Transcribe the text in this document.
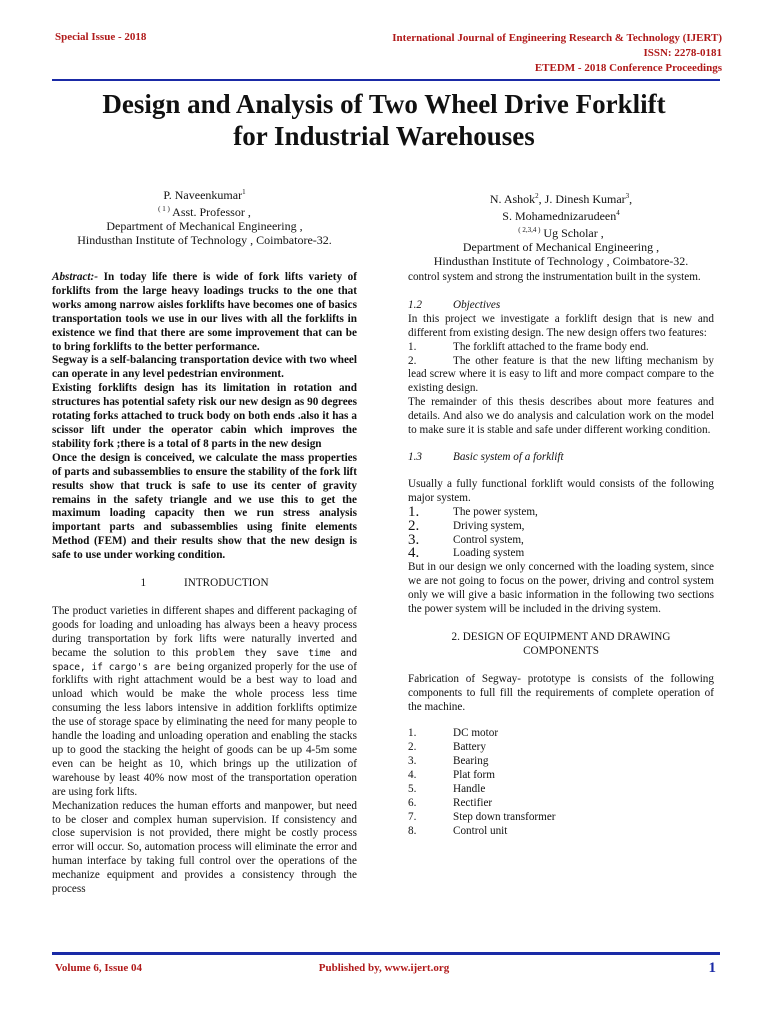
Special Issue - 2018	International Journal of Engineering Research & Technology (IJERT)
ISSN: 2278-0181
ETEDM - 2018 Conference Proceedings
Design and Analysis of Two Wheel Drive Forklift
for Industrial Warehouses
P. Naveenkumar$^1$
$^{( 1 )}$ Asst. Professor ,
Department of Mechanical Engineering ,
Hindusthan Institute of Technology , Coimbatore-32.
N. Ashok$^2$, J. Dinesh Kumar$^3$,
S. Mohamednizarudeen$^4$
$^{( 2,3,4 )}$ Ug Scholar ,
Department of Mechanical Engineering ,
Hindusthan Institute of Technology , Coimbatore-32.

Abstract:- In today life there is wide of fork lifts variety of forklifts from the large heavy loadings trucks to the one that works among narrow aisles forklifts have becomes one of basics transportation tools we use in our lives with all the forklifts in existence we find that there are some improvement that can be to bring forklifts to the better performance.

Segway is a self-balancing transportation device with two wheel can operate in any level pedestrian environment.

Existing forklifts design has its limitation in rotation and structures has potential safety risk our new design as 90 degrees rotating forks attached to truck body on both ends .also it has a scissor lift under the operator cabin which improves the stability fork ;there is a total of 8 parts in the new design

Once the design is conceived, we calculate the mass properties of parts and subassemblies to ensure the stability of the fork lift results show that truck is safe to use its center of gravity remains in the safety triangle and we use this to get the maximum loading capacity then we run stress analysis important parts and subassemblies using finite elements Method (FEM) and their results show that the new design is safe to use under working condition.

1	INTRODUCTION

The product varieties in different shapes and different packaging of goods for loading and unloading has always been a heavy process during transportation by fork lifts were naturally inverted and became the solution to this problem they save time and space, if cargo's are being organized properly for the use of forklifts with right attachment would be a best way to load and unload which would be make the whole process less time consuming the less labors intensive in addition forklifts optimize the use of storage space by eliminating the need for many people to handle the loading and unloading operation and enabling the stacks up to good the stacking the height of goods can be up 4-5m some even can be height as 10, which brings up the utilization of warehouse by least 40% now most of the transportation operation are using fork lifts.

Mechanization reduces the human efforts and manpower, but need to be closer and complex human supervision. If consistency and close supervision is not provided, there might be costly process error will occur. So, automation process will eliminate the error and human interface by taking full control over the operations of the mechanize equipment and provides a consistency through the process

control system and strong the instrumentation built in the system.

1.2	Objectives

In this project we investigate a forklift design that is new and different from existing design. The new design offers two features:

1.	The forklift attached to the frame body end.

2.	The other feature is that the new lifting mechanism by lead screw where it is easy to lift and more compact compare to the existing design.

The remainder of this thesis describes about more features and details. And also we do analysis and calculation work on the model to make sure it is stable and safe under different working condition.

1.3	Basic system of a forklift

Usually a fully functional forklift would consists of the following major system.

1.	The power system,
2.	Driving system,
3.	Control system,
4.	Loading system

But in our design we only concerned with the loading system, since we are not going to focus on the power, driving and control system only we will give a basic information in the following two sections the power system will be included in the driving system.

2. DESIGN OF EQUIPMENT AND DRAWING COMPONENTS

Fabrication of Segway- prototype is consists of the following components to full fill the requirements of complete operation of the machine.

1.	DC motor
2.	Battery
3.	Bearing
4.	Plat form
5.	Handle
6.	Rectifier
7.	Step down transformer
8.	Control unit
Volume 6, Issue 04	Published by, www.ijert.org	1
